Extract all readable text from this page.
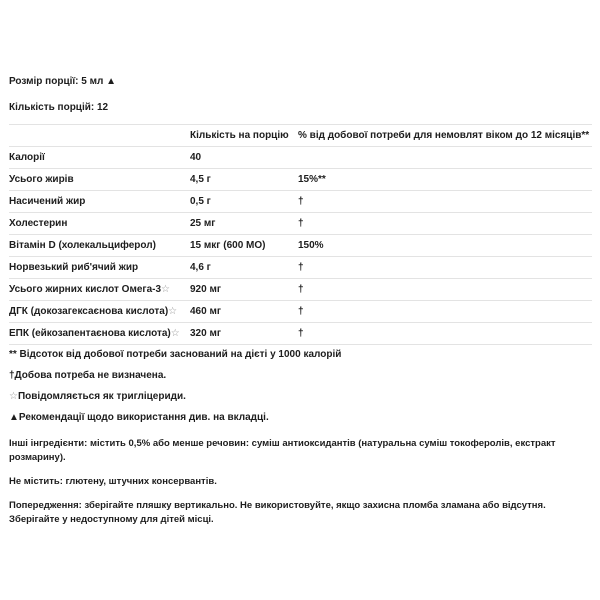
Розмір порції: 5 мл ▲
Кількість порцій: 12
	Кількість на порцію	% від добової потреби для немовлят віком до 12 місяців**
Калорії	40	
Усього жирів	4,5 г	15%**
Насичений жир	0,5 г	†
Холестерин	25 мг	†
Вітамін D (холекальциферол)	15 мкг (600 МО)	150%
Норвезький риб'ячий жир	4,6 г	†
Усього жирних кислот Омега-3☆	920 мг	†
ДГК (докозагексаєнова кислота)☆	460 мг	†
ЕПК (ейкозапентаєнова кислота)☆	320 мг	†
** Відсоток від добової потреби заснований на дієті у 1000 калорій
†Добова потреба не визначена.
☆Повідомляється як тригліцериди.
▲Рекомендації щодо використання див. на вкладці.

Інші інгредієнти: містить 0,5% або менше речовин: суміш антиоксидантів (натуральна суміш токоферолів, екстракт розмарину).

Не містить: глютену, штучних консервантів.

Попередження: зберігайте пляшку вертикально. Не використовуйте, якщо захисна пломба зламана або відсутня. Зберігайте у недоступному для дітей місці.
